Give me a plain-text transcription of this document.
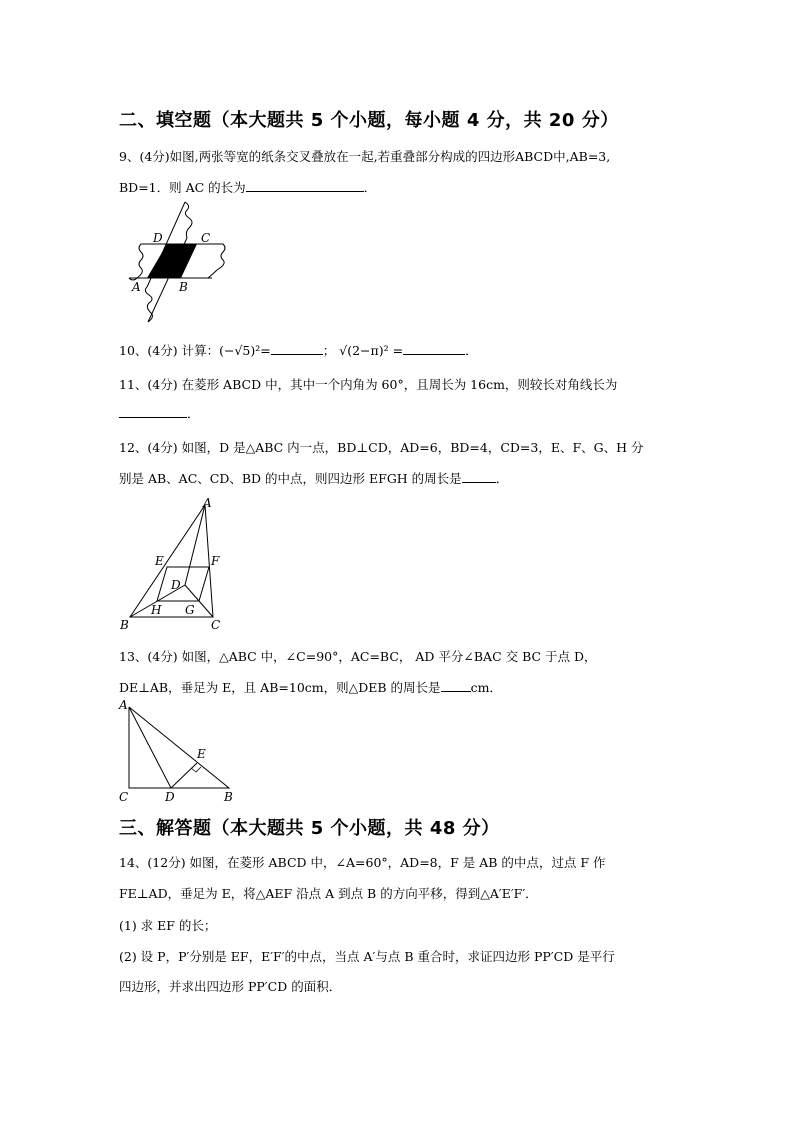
二、填空题（本大题共 5 个小题，每小题 4 分，共 20 分）
9、(4分)如图,两张等宽的纸条交叉叠放在一起,若重叠部分构成的四边形ABCD中,AB=3,
BD=1．则 AC 的长为	．
D	C
A	B
10、(4分) 计算：(−√5)²=	； √(2−π)² =	．
11、(4分) 在菱形 ABCD 中，其中一个内角为 60°，且周长为 16cm，则较长对角线长为
．
12、(4分) 如图，D 是△ABC 内一点，BD⊥CD，AD=6，BD=4，CD=3，E、F、G、H 分
别是 AB、AC、CD、BD 的中点，则四边形 EFGH 的周长是	．
A
B	C
D
E	F
G
H
13、(4分) 如图，△ABC 中，∠C=90°，AC=BC， AD 平分∠BAC 交 BC 于点 D，
DE⊥AB，垂足为 E，且 AB=10cm，则△DEB 的周长是 cm．
A
C	D	B
E
三、解答题（本大题共 5 个小题，共 48 分）
14、(12分) 如图，在菱形 ABCD 中，∠A=60°，AD=8，F 是 AB 的中点，过点 F 作
FE⊥AD，垂足为 E，将△AEF 沿点 A 到点 B 的方向平移，得到△A′E′F′．
(1) 求 EF 的长；
(2) 设 P，P′分别是 EF，E′F′的中点，当点 A′与点 B 重合时，求证四边形 PP′CD 是平行
四边形，并求出四边形 PP′CD 的面积．
